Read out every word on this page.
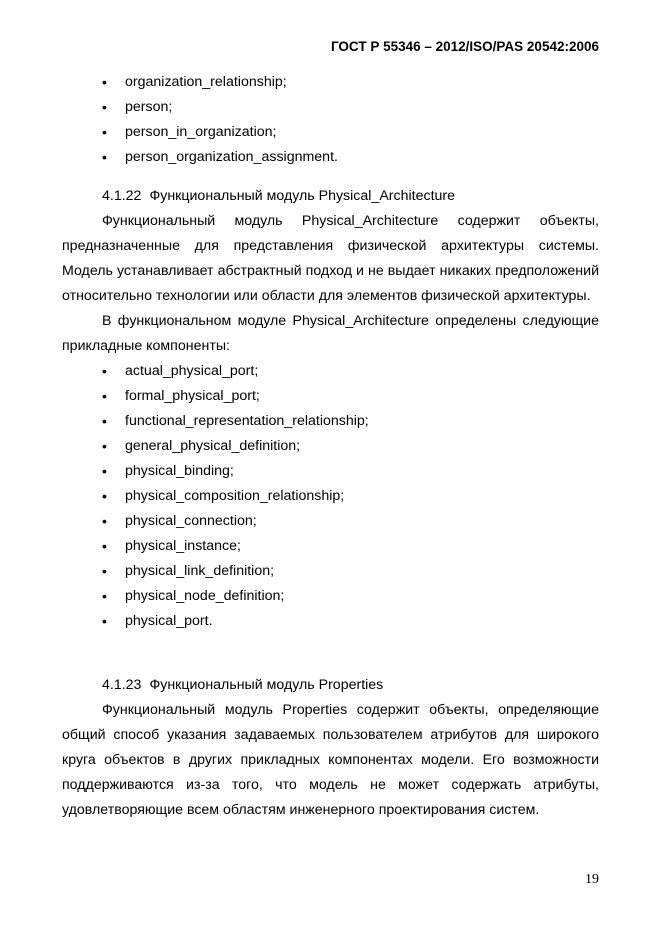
ГОСТ Р 55346 – 2012/ISO/PAS 20542:2006
• organization_relationship;
• person;
• person_in_organization;
• person_organization_assignment.
4.1.22 Функциональный модуль Physical_Architecture

Функциональный модуль Physical_Architecture содержит объекты, предназначенные для представления физической архитектуры системы. Модель устанавливает абстрактный подход и не выдает никаких предположений относительно технологии или области для элементов физической архитектуры.

В функциональном модуле Physical_Architecture определены следующие прикладные компоненты:

• actual_physical_port;
• formal_physical_port;
• functional_representation_relationship;
• general_physical_definition;
• physical_binding;
• physical_composition_relationship;
• physical_connection;
• physical_instance;
• physical_link_definition;
• physical_node_definition;
• physical_port.
4.1.23 Функциональный модуль Properties

Функциональный модуль Properties содержит объекты, определяющие общий способ указания задаваемых пользователем атрибутов для широкого круга объектов в других прикладных компонентах модели. Его возможности поддерживаются из-за того, что модель не может содержать атрибуты, удовлетворяющие всем областям инженерного проектирования систем.

19
